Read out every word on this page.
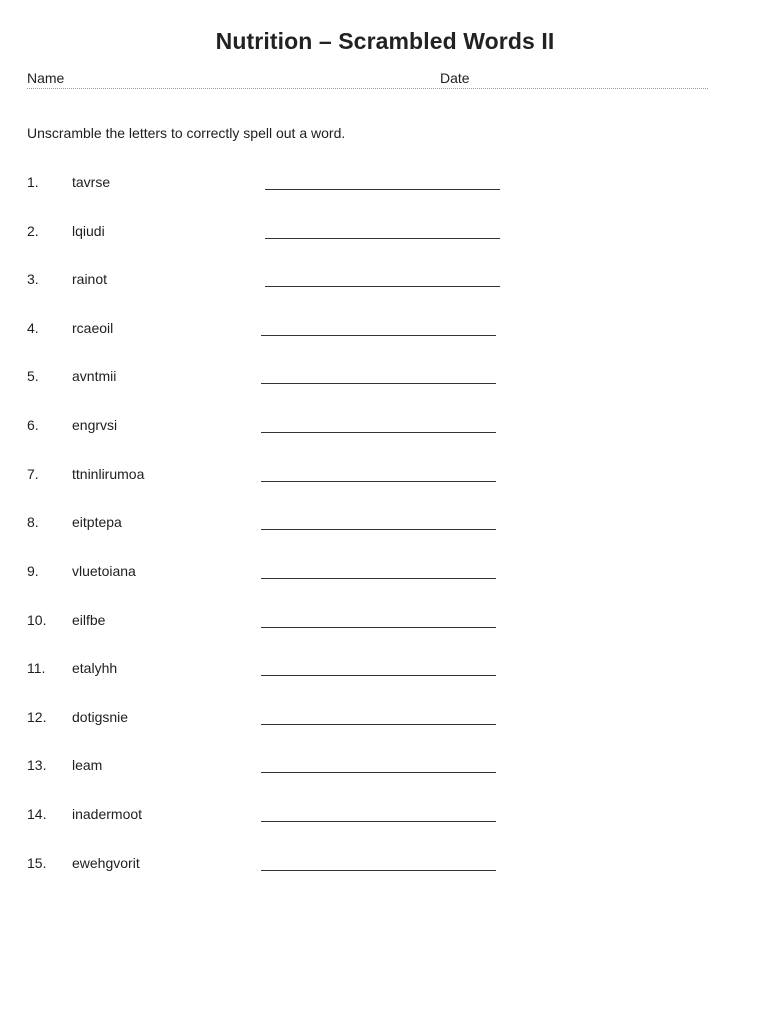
Nutrition – Scrambled Words II
Name	Date
Unscramble the letters to correctly spell out a word.
1. tavrse
2. lqiudi
3. rainot
4. rcaeoil
5. avntmii
6. engrvsi
7. ttninlirumoa
8. eitptepa
9. vluetoiana
10. eilfbe
11. etalyhh
12. dotigsnie
13. leam
14. inadermoot
15. ewehgvorit
